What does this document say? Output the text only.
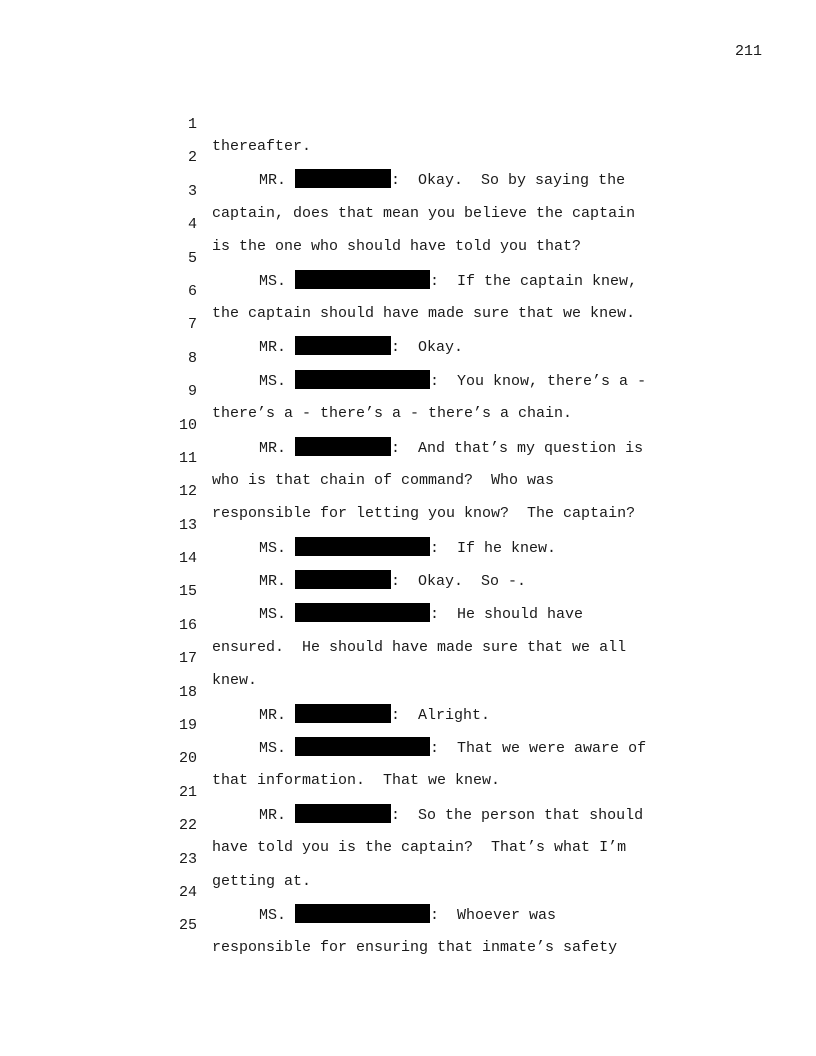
211

1

thereafter.

2

MR.	:  Okay.  So by saying the

3

captain, does that mean you believe the captain

4

is the one who should have told you that?

5

MS.	:  If the captain knew,

6

the captain should have made sure that we knew.

7

MR.	:  Okay.

8

MS.	:  You know, there’s a -

9

there’s a - there’s a - there’s a chain.

10

MR.	:  And that’s my question is

11

who is that chain of command?  Who was

12

responsible for letting you know?  The captain?

13

MS.	:  If he knew.

14

MR.	:  Okay.  So -.

15

MS.	:  He should have

16

ensured.  He should have made sure that we all

17

knew.

18

MR.	:  Alright.

19

MS.	:  That we were aware of

20

that information.  That we knew.

21

MR.	:  So the person that should

22

have told you is the captain?  That’s what I’m

23

getting at.

24

MS.	:  Whoever was

25

responsible for ensuring that inmate’s safety
